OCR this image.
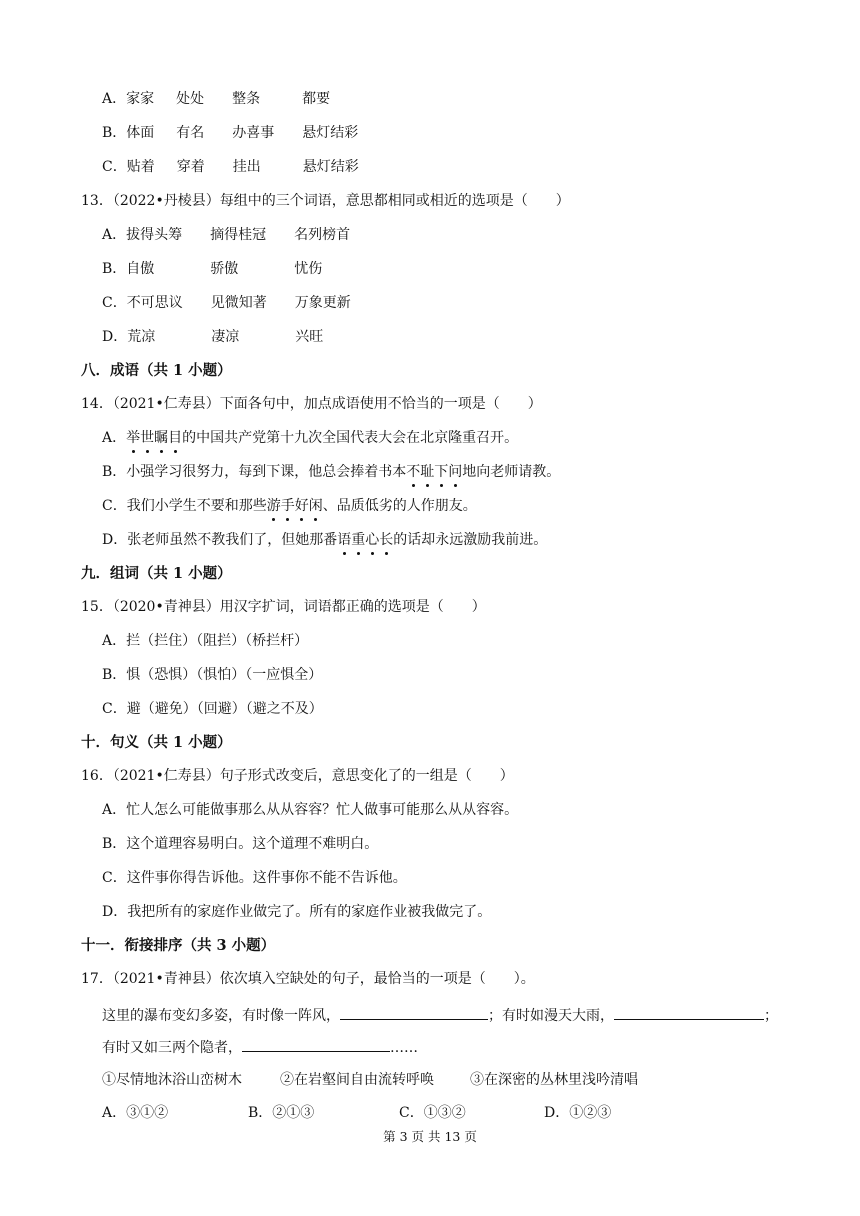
A．家家 处处 整条	都要
B．体面 有名 办喜事 悬灯结彩
C．贴着 穿着 挂出	悬灯结彩
13．（2022•丹棱县）每组中的三个词语，意思都相同或相近的选项是（　　）
A．拔得头筹 摘得桂冠 名列榜首
B．自傲	骄傲	忧伤
C．不可思议 见微知著 万象更新
D．荒凉	凄凉	兴旺
八．成语（共 1 小题）
14．（2021•仁寿县）下面各句中，加点成语使用不恰当的一项是（　　）
A．举世瞩目的中国共产党第十九次全国代表大会在北京隆重召开。
B．小强学习很努力，每到下课，他总会捧着书本不耻下问地向老师请教。
C．我们小学生不要和那些游手好闲、品质低劣的人作朋友。
D．张老师虽然不教我们了，但她那番语重心长的话却永远激励我前进。
九．组词（共 1 小题）
15．（2020•青神县）用汉字扩词，词语都正确的选项是（　　）
A．拦（拦住）（阻拦）（桥拦杆）
B．惧（恐惧）（惧怕）（一应惧全）
C．避（避免）（回避）（避之不及）
十．句义（共 1 小题）
16．（2021•仁寿县）句子形式改变后，意思变化了的一组是（　　）
A．忙人怎么可能做事那么从从容容？忙人做事可能那么从从容容。
B．这个道理容易明白。这个道理不难明白。
C．这件事你得告诉他。这件事你不能不告诉他。
D．我把所有的家庭作业做完了。所有的家庭作业被我做完了。
十一．衔接排序（共 3 小题）
17．（2021•青神县）依次填入空缺处的句子，最恰当的一项是（　　）。
这里的瀑布变幻多姿，有时像一阵风，	；有时如漫天大雨，	；
有时又如三两个隐者，	……
①尽情地沐浴山峦树木	②在岩壑间自由流转呼唤	③在深密的丛林里浅吟清唱
A．③①②	B．②①③	C．①③②	D．①②③
第 3 页 共 13 页
